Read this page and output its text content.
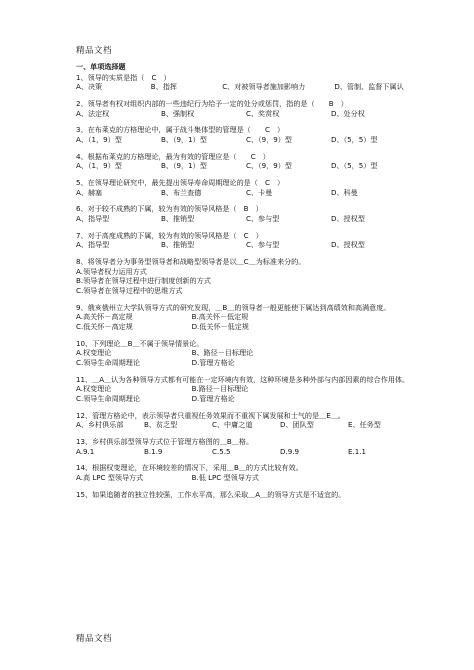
精品文档
一、单项选择题
1、领导的实质是指（　C　）
A、决策	B、指挥	C、对被领导者施加影响力	D、管制、监督下属认
2、领导者有权对组织内部的一些违纪行为给予一定的处分或惩罚，指的是（　　B　）
A、法定权	B、强制权	C、奖赏权	D、处分权
3、在布莱克的方格理论中，属于战斗集体型的管理是（　　C　）
A、（1，9）型	B、（9，1）型	C、（9，9）型	D、（5，5）型
4、根据布莱克的方格理论，最为有效的管理应是（　　C　）
A、（1，9）型	B、（9，1）型	C、（9，9）型	D、（5，5）型
5、在领导理论研究中，最先提出领导寿命周期理论的是（　C　）
A、赫塞	B、布兰查德	C、卡曼	D、科曼
6、对于较不成熟的下属，较为有效的领导风格是（　B　）
A、指导型	B、推销型	C、参与型	D、授权型
7、对于高度成熟的下属，较为有效的领导风格是（　C　）
A、指导型	B、推销型	C、参与型	D、授权型
8、将领导者分为事务型领导者和战略型领导者是以＿C＿为标准来分的。
A.领导者权力运用方式
B.领导者在领导过程中进行制度创新的方式
C.领导者在领导过程中的思维方式
9、俄亥俄州立大学队领导方式的研究发现，＿B＿的领导者一般更能使下属达到高绩效和高满意度。
A.高关怀－高定规	B.高关怀－低定规
C.低关怀－高定规	D.低关怀－低定规
10、下列理论＿B＿不属于领导情景论。
A.权变理论	B、路径－目标理论
C.领导生命周期理论	D.管理方格论
11、＿A＿认为各种领导方式都有可能在一定环境内有效，这种环境是多种外部与内部因素的综合作用体。
A.权变理论	B.路径－目标理论
C.领导生命周期理论	D.管理方格论
12、管理方格论中，表示领导者只重视任务效果而不重视下属发展和士气的是＿E＿。
A、乡村俱乐部	B、贫乏型	C、中庸之道	D、团队型	E、任务型
13、乡村俱乐部型领导方式位于管理方格图的＿B＿格。
A.9.1	B.1.9	C.5.5	D.9.9	E.1.1
14、根据权变理论，在环境较差的情况下，采用＿B＿的方式比较有效。
A.高 LPC 型领导方式	B.低 LPC 型领导方式
15、如果追随者的独立性较强，工作水平高，那么采取＿A＿的领导方式是不适宜的。
精品文档
